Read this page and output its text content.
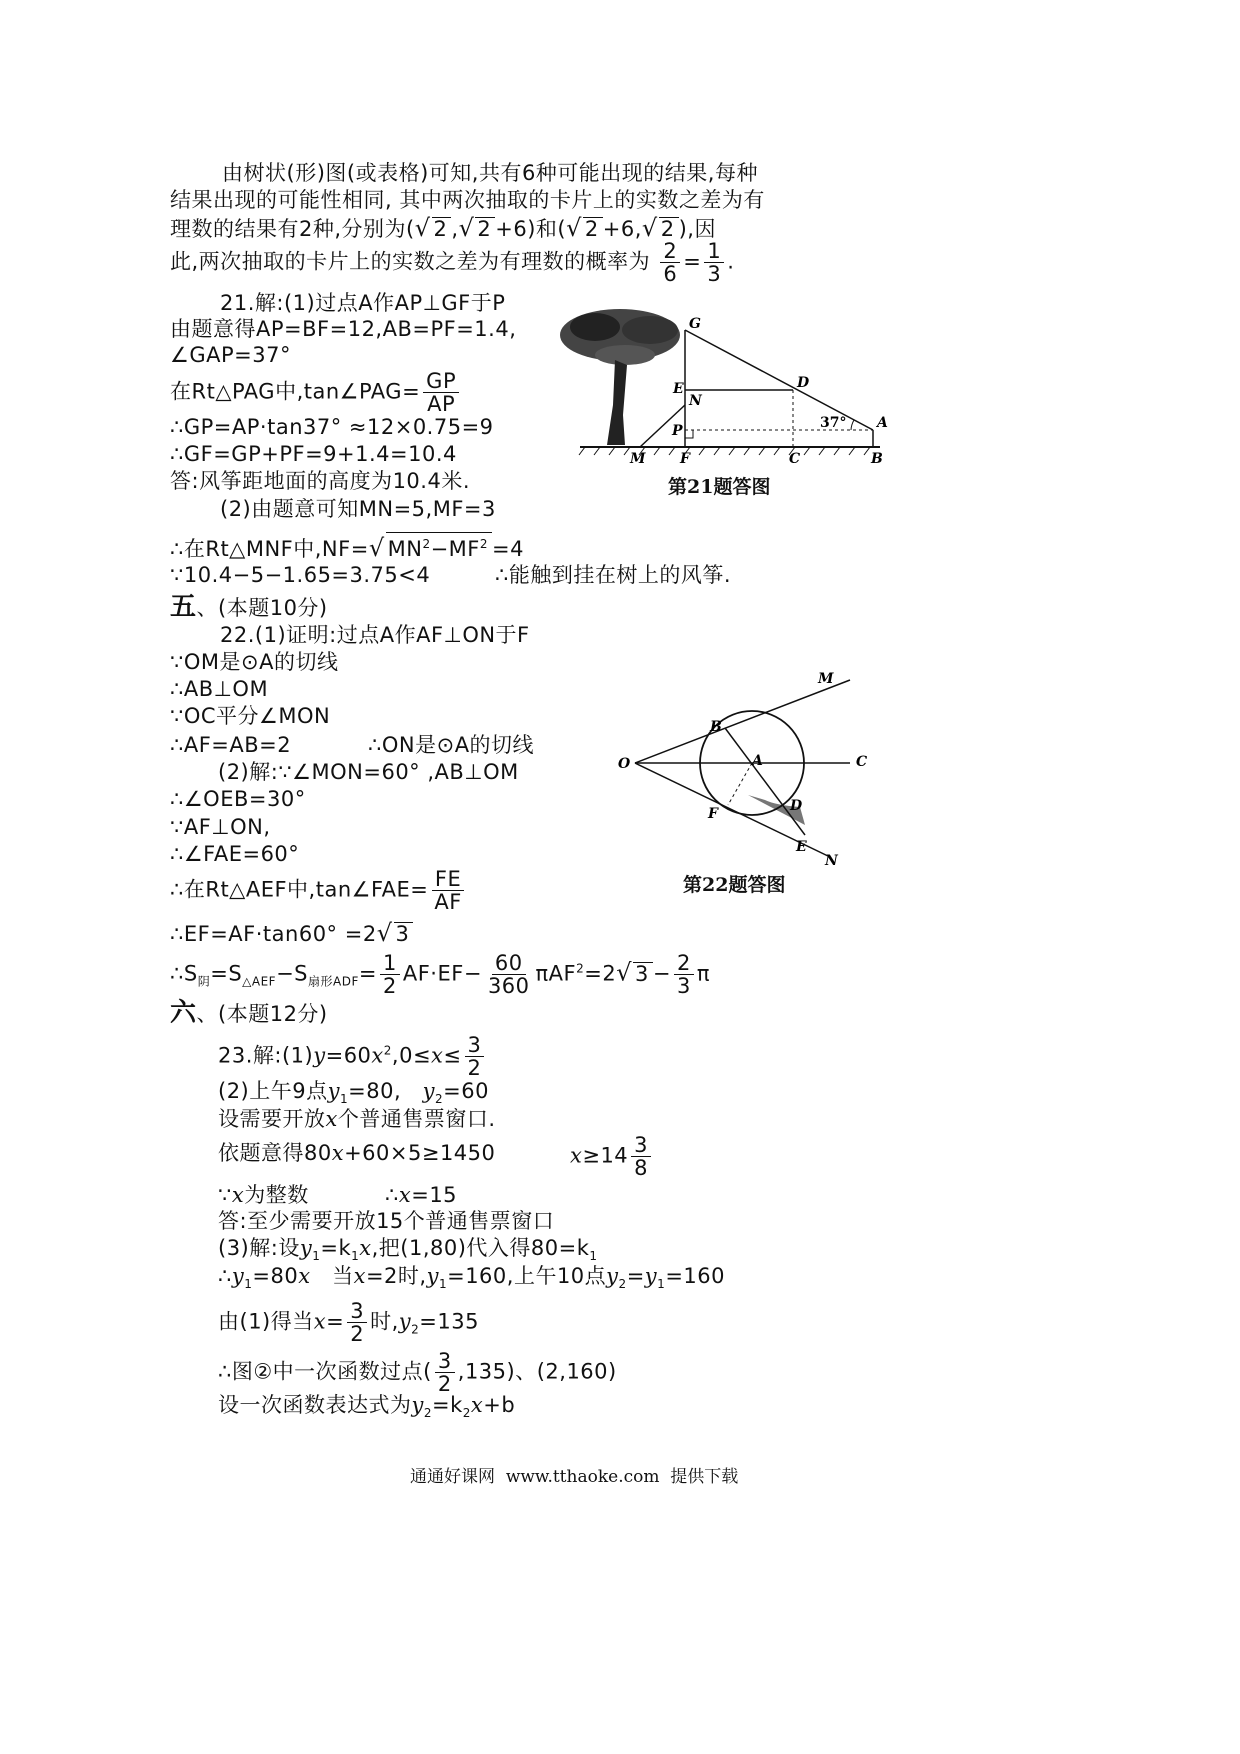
由树状(形)图(或表格)可知,共有6种可能出现的结果,每种
结果出现的可能性相同, 其中两次抽取的卡片上的实数之差为有
理数的结果有2种,分别为(√ 2 ,√ 2 +6)和(√ 2 +6,√ 2 ),因
此,两次抽取的卡片上的实数之差为有理数的概率为 $\frac{2}{6} = \frac{1}{3}$ .
21.解:(1)过点A作AP⊥GF于P
由题意得AP=BF=12,AB=PF=1.4,
∠GAP=37°
在Rt△PAG中,tan∠PAG= $\frac{GP}{AP}$
∴GP=AP·tan37° ≈12×0.75=9
∴GF=GP+PF=9+1.4=10.4
答:风筝距地面的高度为10.4米.
(2)由题意可知MN=5,MF=3
∴在Rt△MNF中,NF=√ $MN^2-MF^2 =4$
∵10.4−5−1.65=3.75<4	∴能触到挂在树上的风筝.
G
D
E
N
P	A
M F	C	B
37°
第21题答图
五、(本题10分)
22.(1)证明:过点A作AF⊥ON于F
∵OM是⊙A的切线
∴AB⊥OM
∵OC平分∠MON
∴AF=AB=2	∴ON是⊙A的切线
(2)解:∵∠MON=60° ,AB⊥OM
∴∠OEB=30°
∵AF⊥ON,
∴∠FAE=60°
∴在Rt△AEF中,tan∠FAE= $\frac{FE}{AF}$
∴EF=AF·tan60° =2√ 3
$\therefore S_阴=S_{\triangle AEF}-S_{扇形ADF}= \frac{1}{2} AF\cdot EF- \frac{60}{360} \pi AF^2=2√$ $3 - \frac{2}{3}$ π
M
B
O	A	C
F	D
E
N
第22题答图
六、(本题12分)
23.解$:(1)y=60x^2,0\le x\le \frac{3}{2}$
(2)上午9点$y_1=80$, $y_2=60$
设需要开放x个普通售票窗口.
依题意得80x+60×5≥1450	$x\ge 14 \frac{3}{8}$
∵x为整数	∴x=15
答:至少需要开放15个普通售票窗口
(3)解:设$y_1=k_1x$,把(1,80)代入得$80=k_1$
$\therefore y_1=80x$ 当x=2时$,y_1=160$,上午10点$y_2=y_1=160$
由(1)得当$x= \frac{3}{2}$ 时$,y_2=135$
∴图②中一次函数过点( $\frac{3}{2} ,135$)、(2,160)
设一次函数表达式为$y_2=k_2x+b$
通通好课网 www.tthaoke.com 提供下载
